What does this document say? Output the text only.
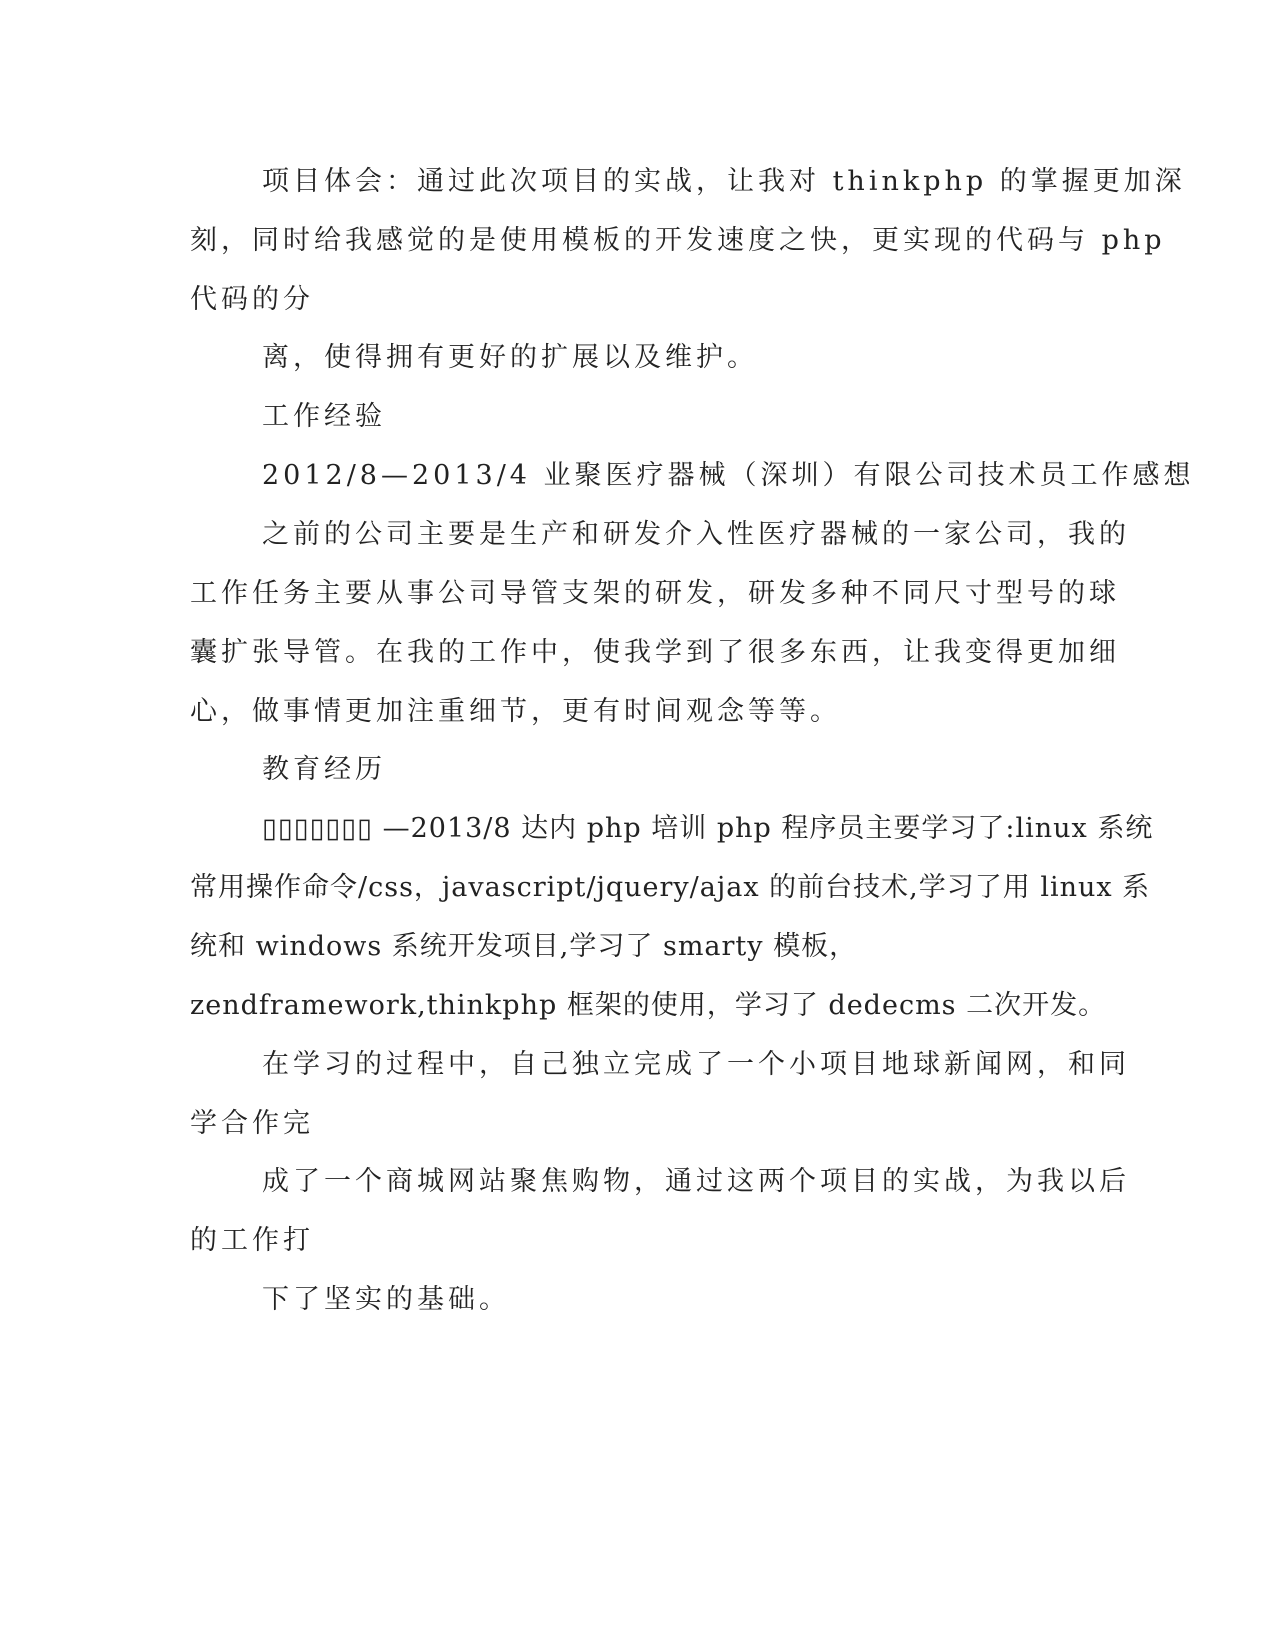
项目体会：通过此次项目的实战，让我对 thinkphp 的掌握更加深
刻，同时给我感觉的是使用模板的开发速度之快，更实现的代码与 php
代码的分
离，使得拥有更好的扩展以及维护。
工作经验
2012/8—2013/4 业聚医疗器械（深圳）有限公司技术员工作感想
之前的公司主要是生产和研发介入性医疗器械的一家公司，我的
工作任务主要从事公司导管支架的研发，研发多种不同尺寸型号的球
囊扩张导管。在我的工作中，使我学到了很多东西，让我变得更加细
心，做事情更加注重细节，更有时间观念等等。
教育经历
▯▯▯▯▯▯▯ —2013/8 达内 php 培训 php 程序员主要学习了:linux 系统
常用操作命令/css，javascript/jquery/ajax 的前台技术,学习了用 linux 系
统和 windows 系统开发项目,学习了 smarty 模板，
zendframework,thinkphp 框架的使用，学习了 dedecms 二次开发。
在学习的过程中，自己独立完成了一个小项目地球新闻网，和同
学合作完
成了一个商城网站聚焦购物，通过这两个项目的实战，为我以后
的工作打
下了坚实的基础。
